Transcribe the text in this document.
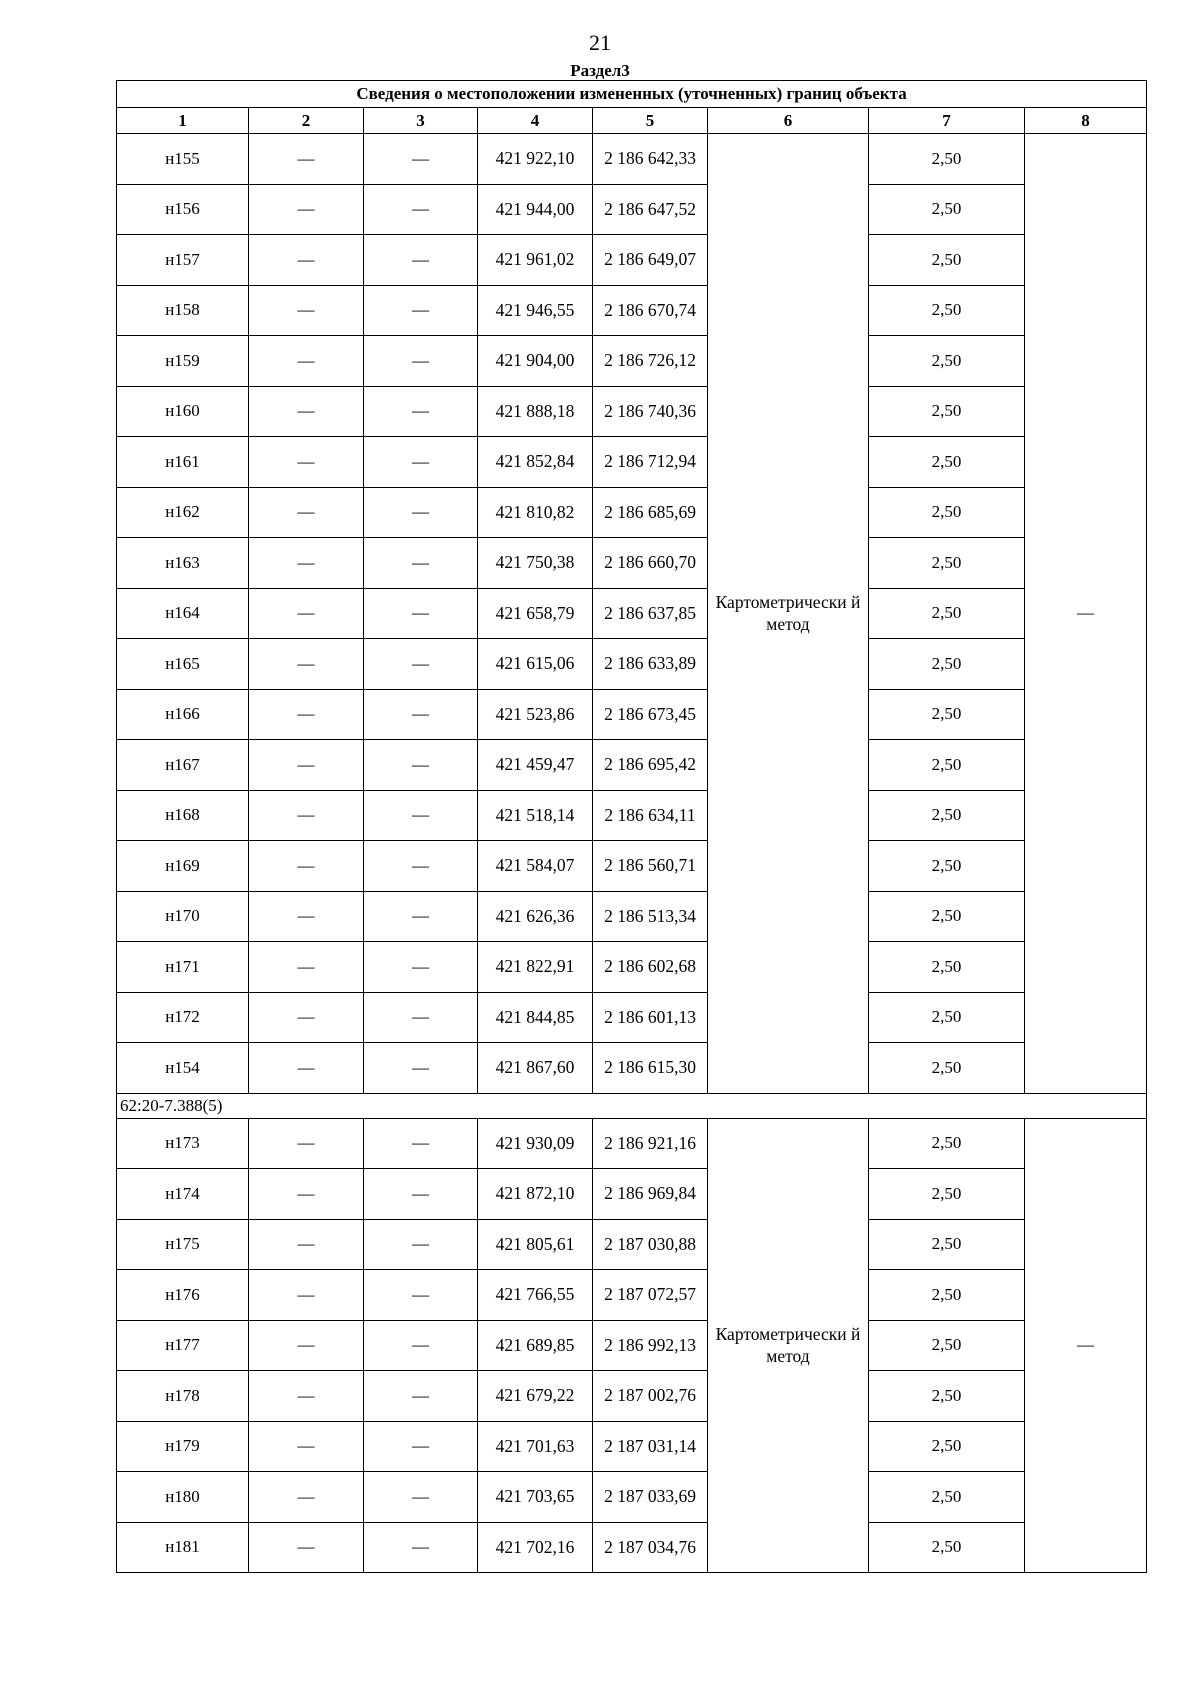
21
Раздел3
Сведения о местоположении измененных (уточненных) границ объекта							
1	2	3	4	5	6	7	8
н155	—	—	421 922,10	2 186 642,33	Картометрически й метод	2,50	—
н156	—	—	421 944,00	2 186 647,52		2,50	
н157	—	—	421 961,02	2 186 649,07		2,50	
н158	—	—	421 946,55	2 186 670,74		2,50	
н159	—	—	421 904,00	2 186 726,12		2,50	
н160	—	—	421 888,18	2 186 740,36		2,50	
н161	—	—	421 852,84	2 186 712,94		2,50	
н162	—	—	421 810,82	2 186 685,69		2,50	
н163	—	—	421 750,38	2 186 660,70		2,50	
н164	—	—	421 658,79	2 186 637,85		2,50	
н165	—	—	421 615,06	2 186 633,89		2,50	
н166	—	—	421 523,86	2 186 673,45		2,50	
н167	—	—	421 459,47	2 186 695,42		2,50	
н168	—	—	421 518,14	2 186 634,11		2,50	
н169	—	—	421 584,07	2 186 560,71		2,50	
н170	—	—	421 626,36	2 186 513,34		2,50	
н171	—	—	421 822,91	2 186 602,68		2,50	
н172	—	—	421 844,85	2 186 601,13		2,50	
н154	—	—	421 867,60	2 186 615,30		2,50	
62:20-7.388(5)							
н173	—	—	421 930,09	2 186 921,16	Картометрически й метод	2,50	—
н174	—	—	421 872,10	2 186 969,84		2,50	
н175	—	—	421 805,61	2 187 030,88		2,50	
н176	—	—	421 766,55	2 187 072,57		2,50	
н177	—	—	421 689,85	2 186 992,13		2,50	
н178	—	—	421 679,22	2 187 002,76		2,50	
н179	—	—	421 701,63	2 187 031,14		2,50	
н180	—	—	421 703,65	2 187 033,69		2,50	
н181	—	—	421 702,16	2 187 034,76		2,50	
